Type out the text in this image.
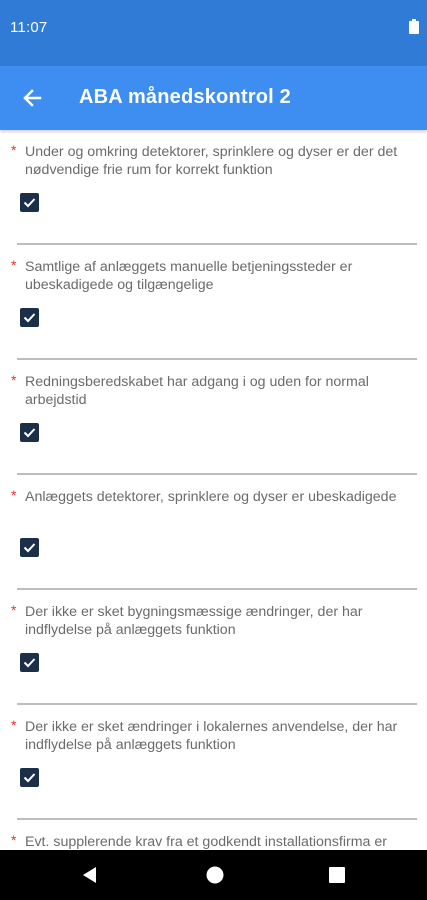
11:07
ABA månedskontrol 2
* Under og omkring detektorer, sprinklere og dyser er der det nødvendige frie rum for korrekt funktion
* Samtlige af anlæggets manuelle betjeningssteder er ubeskadigede og tilgængelige
* Redningsberedskabet har adgang i og uden for normal arbejdstid
* Anlæggets detektorer, sprinklere og dyser er ubeskadigede
* Der ikke er sket bygningsmæssige ændringer, der har indflydelse på anlæggets funktion
* Der ikke er sket ændringer i lokalernes anvendelse, der har indflydelse på anlæggets funktion
* Evt. supplerende krav fra et godkendt installationsfirma er
